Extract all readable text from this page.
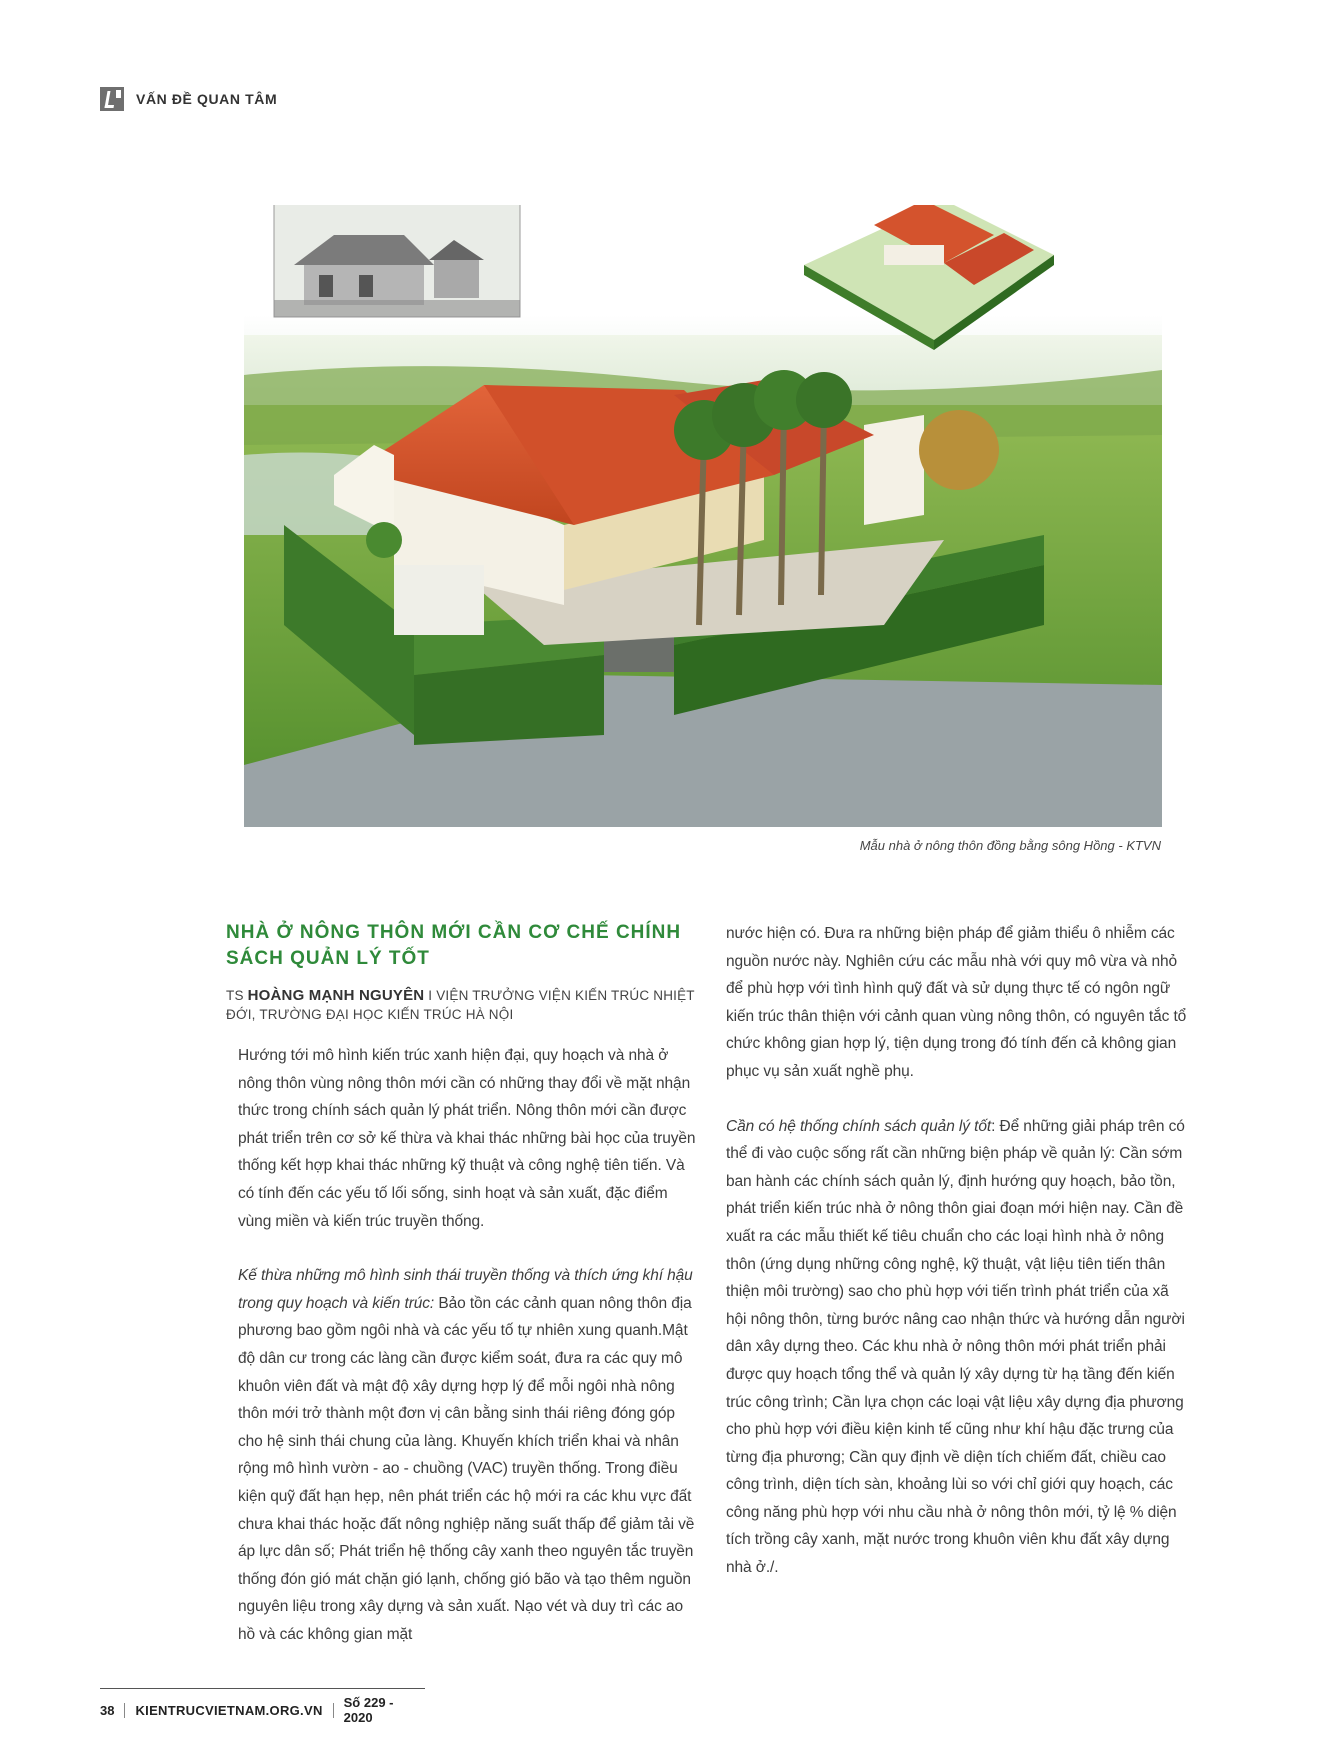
VẤN ĐỀ QUAN TÂM
Mẫu nhà ở nông thôn đồng bằng sông Hồng - KTVN
NHÀ Ở NÔNG THÔN MỚI CẦN CƠ CHẾ CHÍNH SÁCH QUẢN LÝ TỐT
TS HOÀNG MẠNH NGUYÊN I VIỆN TRƯỞNG VIỆN KIẾN TRÚC NHIỆT ĐỚI, TRƯỜNG ĐẠI HỌC KIẾN TRÚC HÀ NỘI

Hướng tới mô hình kiến trúc xanh hiện đại, quy hoạch và nhà ở nông thôn vùng nông thôn mới cần có những thay đổi về mặt nhận thức trong chính sách quản lý phát triển. Nông thôn mới cần được phát triển trên cơ sở kế thừa và khai thác những bài học của truyền thống kết hợp khai thác những kỹ thuật và công nghệ tiên tiến. Và có tính đến các yếu tố lối sống, sinh hoạt và sản xuất, đặc điểm vùng miền và kiến trúc truyền thống.

Kế thừa những mô hình sinh thái truyền thống và thích ứng khí hậu trong quy hoạch và kiến trúc: Bảo tồn các cảnh quan nông thôn địa phương bao gồm ngôi nhà và các yếu tố tự nhiên xung quanh.Mật độ dân cư trong các làng cần được kiểm soát, đưa ra các quy mô khuôn viên đất và mật độ xây dựng hợp lý để mỗi ngôi nhà nông thôn mới trở thành một đơn vị cân bằng sinh thái riêng đóng góp cho hệ sinh thái chung của làng. Khuyến khích triển khai và nhân rộng mô hình vườn - ao - chuồng (VAC) truyền thống. Trong điều kiện quỹ đất hạn hẹp, nên phát triển các hộ mới ra các khu vực đất chưa khai thác hoặc đất nông nghiệp năng suất thấp để giảm tải về áp lực dân số; Phát triển hệ thống cây xanh theo nguyên tắc truyền thống đón gió mát chặn gió lạnh, chống gió bão và tạo thêm nguồn nguyên liệu trong xây dựng và sản xuất. Nạo vét và duy trì các ao hồ và các không gian mặt

nước hiện có. Đưa ra những biện pháp để giảm thiểu ô nhiễm các nguồn nước này. Nghiên cứu các mẫu nhà với quy mô vừa và nhỏ để phù hợp với tình hình quỹ đất và sử dụng thực tế có ngôn ngữ kiến trúc thân thiện với cảnh quan vùng nông thôn, có nguyên tắc tổ chức không gian hợp lý, tiện dụng trong đó tính đến cả không gian phục vụ sản xuất nghề phụ.

Cần có hệ thống chính sách quản lý tốt: Để những giải pháp trên có thể đi vào cuộc sống rất cần những biện pháp về quản lý: Cần sớm ban hành các chính sách quản lý, định hướng quy hoạch, bảo tồn, phát triển kiến trúc nhà ở nông thôn giai đoạn mới hiện nay. Cần đề xuất ra các mẫu thiết kế tiêu chuẩn cho các loại hình nhà ở nông thôn (ứng dụng những công nghệ, kỹ thuật, vật liệu tiên tiến thân thiện môi trường) sao cho phù hợp với tiến trình phát triển của xã hội nông thôn, từng bước nâng cao nhận thức và hướng dẫn người dân xây dựng theo. Các khu nhà ở nông thôn mới phát triển phải được quy hoạch tổng thể và quản lý xây dựng từ hạ tầng đến kiến trúc công trình; Cần lựa chọn các loại vật liệu xây dựng địa phương cho phù hợp với điều kiện kinh tế cũng như khí hậu đặc trưng của từng địa phương; Cần quy định về diện tích chiếm đất, chiều cao công trình, diện tích sàn, khoảng lùi so với chỉ giới quy hoạch, các công năng phù hợp với nhu cầu nhà ở nông thôn mới, tỷ lệ % diện tích trồng cây xanh, mặt nước trong khuôn viên khu đất xây dựng nhà ở./.

38	KIENTRUCVIETNAM.ORG.VN	Số 229 - 2020
